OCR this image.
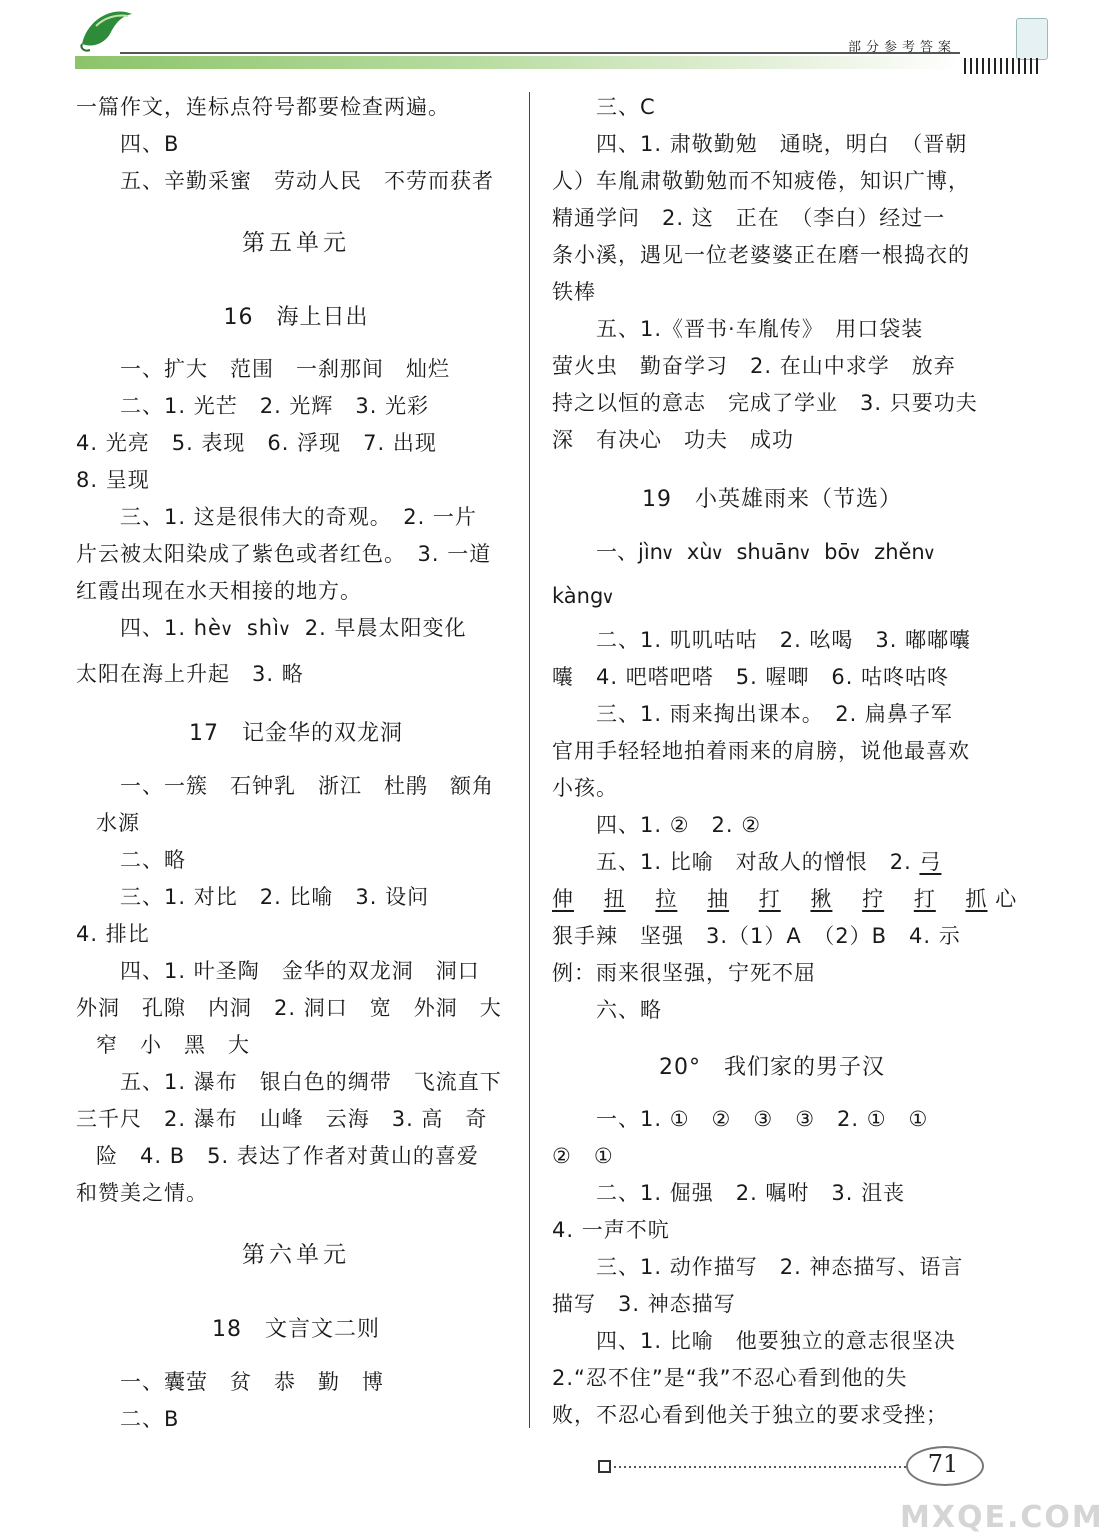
部分参考答案
一篇作文，连标点符号都要检查两遍。
四、B
五、辛勤采蜜　劳动人民　不劳而获者
第五单元
16　海上日出
一、扩大　范围　一刹那间　灿烂
二、1. 光芒　2. 光辉　3. 光彩
4. 光亮　5. 表现　6. 浮现　7. 出现
8. 呈现
三、1. 这是很伟大的奇观。　2. 一片
片云被太阳染成了紫色或者红色。　3. 一道
红霞出现在水天相接的地方。
四、1. hè∨ shì∨ 2. 早晨太阳变化
太阳在海上升起　3. 略
17　记金华的双龙洞
一、一簇　石钟乳　浙江　杜鹃　额角
水源
二、略
三、1. 对比　2. 比喻　3. 设问
4. 排比
四、1. 叶圣陶　金华的双龙洞　洞口
外洞　孔隙　内洞　2. 洞口　宽　外洞　大
窄　小　黑　大
五、1. 瀑布　银白色的绸带　飞流直下
三千尺　2. 瀑布　山峰　云海　3. 高　奇
险　4. B　5. 表达了作者对黄山的喜爱
和赞美之情。
第六单元
18　文言文二则
一、囊萤　贫　恭　勤　博
二、B
三、C
四、1. 肃敬勤勉　通晓，明白　（晋朝
人）车胤肃敬勤勉而不知疲倦，知识广博，
精通学问　2. 这　正在　（李白）经过一
条小溪，遇见一位老婆婆正在磨一根捣衣的
铁棒
五、1.《晋书·车胤传》　用口袋装
萤火虫　勤奋学习　2. 在山中求学　放弃
持之以恒的意志　完成了学业　3. 只要功夫
深　有决心　功夫　成功
19　小英雄雨来（节选）
一、jìn∨ xù∨ shuān∨ bō∨ zhěn∨
kàng∨
二、1. 叽叽咕咕　2. 吆喝　3. 嘟嘟囔
囔　4. 吧嗒吧嗒　5. 喔唧　6. 咕咚咕咚
三、1. 雨来掏出课本。　2. 扁鼻子军
官用手轻轻地拍着雨来的肩膀，说他最喜欢
小孩。
四、1. ②　2. ②
五、1. 比喻　对敌人的憎恨　2. 弓
伸　 扭　 拉　 抽　 打　 揪　 拧　 打　 抓 心
狠手辣　坚强　3.（1）A　（2）B　4. 示
例：雨来很坚强，宁死不屈
六、略
20°　我们家的男子汉
一、1. ①　②　③　③　2. ①　①
②　①
二、1. 倔强　2. 嘱咐　3. 沮丧
4. 一声不吭
三、1. 动作描写　2. 神态描写、语言
描写　3. 神态描写
四、1. 比喻　他要独立的意志很坚决
2.“忍不住”是“我”不忍心看到他的失
败，不忍心看到他关于独立的要求受挫；
71
MXQE.COM
